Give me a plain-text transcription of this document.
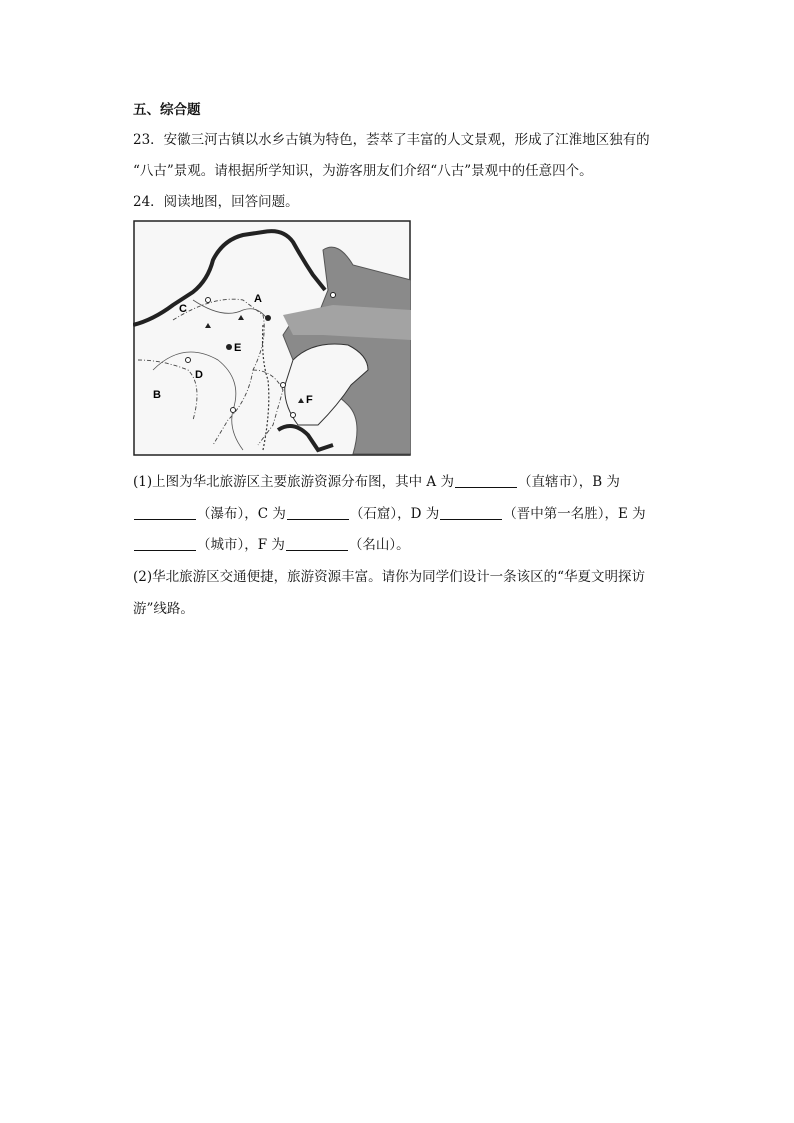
五、综合题
23．安徽三河古镇以水乡古镇为特色，荟萃了丰富的人文景观，形成了江淮地区独有的
“八古”景观。请根据所学知识，为游客朋友们介绍“八古”景观中的任意四个。
24．阅读地图，回答问题。
A
B
C
D
E
F
(1)上图为华北旅游区主要旅游资源分布图，其中 A 为	（直辖市），B 为
（瀑布），C 为	（石窟），D 为	（晋中第一名胜），E 为
（城市），F 为	（名山）。
(2)华北旅游区交通便捷，旅游资源丰富。请你为同学们设计一条该区的“华夏文明探访
游”线路。
